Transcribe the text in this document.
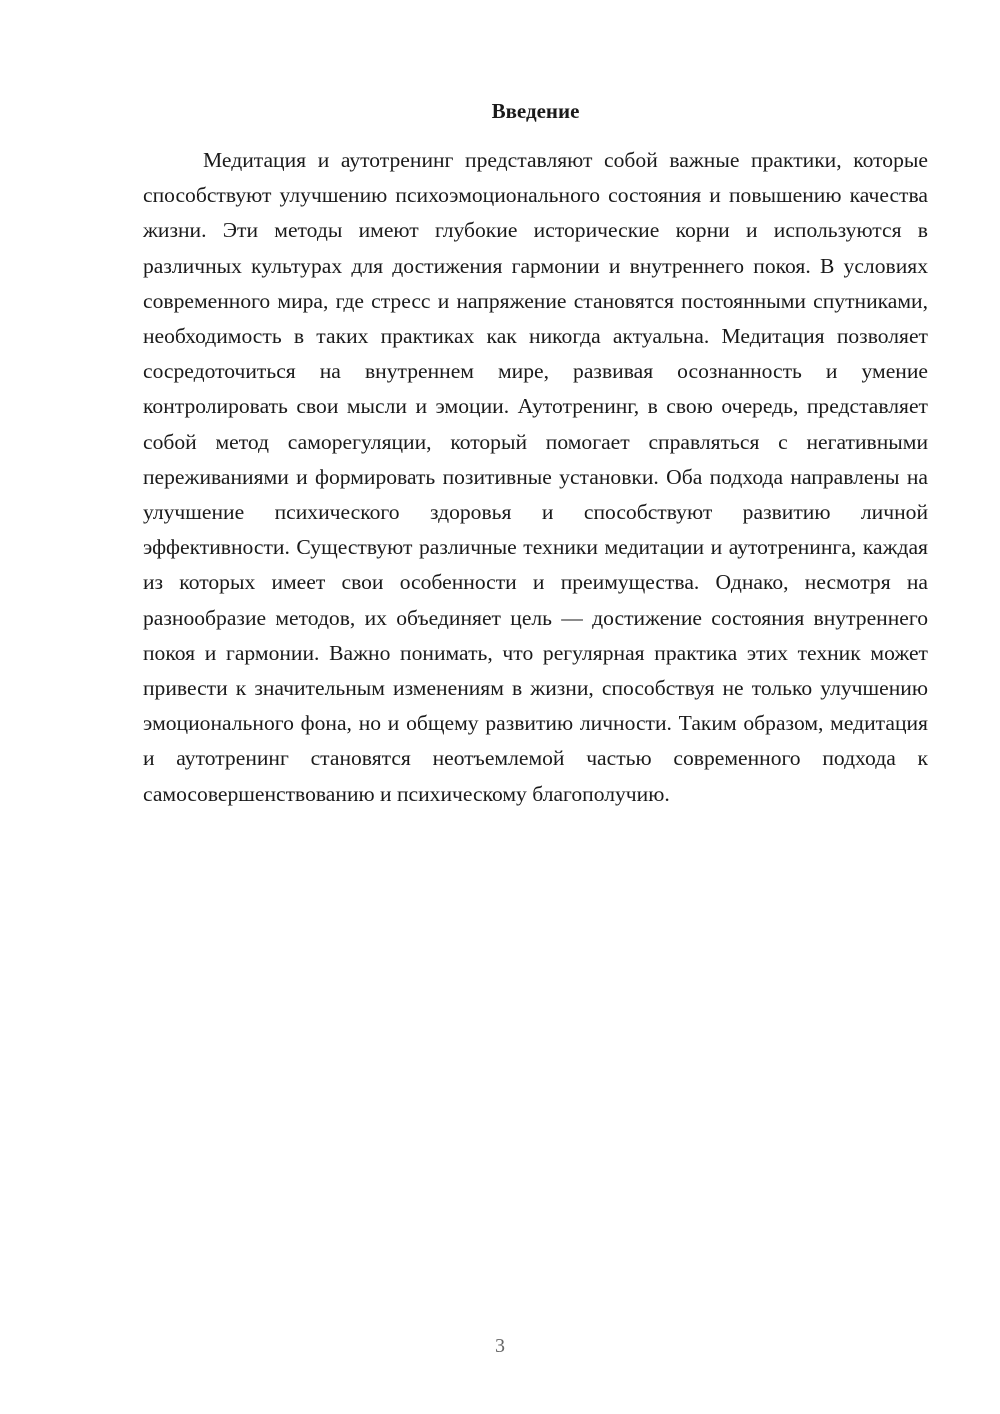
Введение

Медитация и аутотренинг представляют собой важные практики, которые способствуют улучшению психоэмоционального состояния и повышению качества жизни. Эти методы имеют глубокие исторические корни и используются в различных культурах для достижения гармонии и внутреннего покоя. В условиях современного мира, где стресс и напряжение становятся постоянными спутниками, необходимость в таких практиках как никогда актуальна. Медитация позволяет сосредоточиться на внутреннем мире, развивая осознанность и умение контролировать свои мысли и эмоции. Аутотренинг, в свою очередь, представляет собой метод саморегуляции, который помогает справляться с негативными переживаниями и формировать позитивные установки. Оба подхода направлены на улучшение психического здоровья и способствуют развитию личной эффективности. Существуют различные техники медитации и аутотренинга, каждая из которых имеет свои особенности и преимущества. Однако, несмотря на разнообразие методов, их объединяет цель — достижение состояния внутреннего покоя и гармонии. Важно понимать, что регулярная практика этих техник может привести к значительным изменениям в жизни, способствуя не только улучшению эмоционального фона, но и общему развитию личности. Таким образом, медитация и аутотренинг становятся неотъемлемой частью современного подхода к самосовершенствованию и психическому благополучию.

3
